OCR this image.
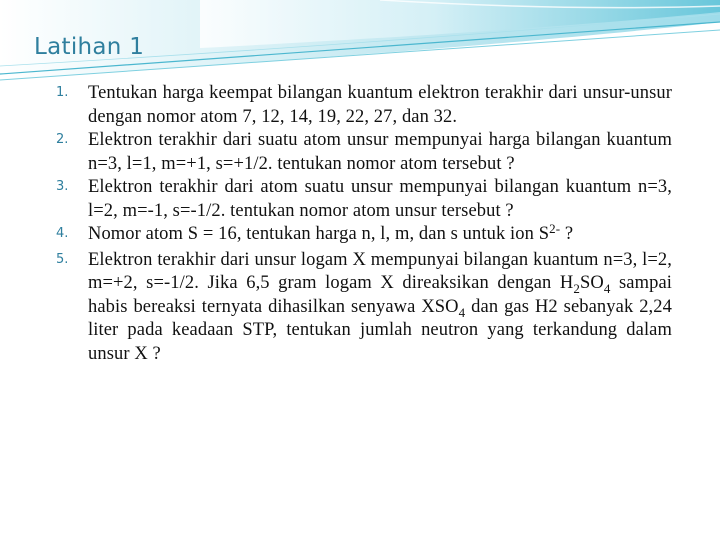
Latihan 1
1. Tentukan harga keempat bilangan kuantum elektron terakhir dari unsur-unsur dengan nomor atom 7, 12, 14, 19, 22, 27, dan 32.
2. Elektron terakhir dari suatu atom unsur mempunyai harga bilangan kuantum n=3, l=1, m=+1, s=+1/2. tentukan nomor atom tersebut ?
3. Elektron terakhir dari atom suatu unsur mempunyai bilangan kuantum n=3, l=2, m=-1, s=-1/2. tentukan nomor atom unsur tersebut ?
4. Nomor atom S = 16, tentukan harga n, l, m, dan s untuk ion $S^{2-}$ ?
5. Elektron terakhir dari unsur logam X mempunyai bilangan kuantum n=3, l=2, m=+2, s=-1/2. Jika 6,5 gram logam X direaksikan dengan $H_2SO_4$ sampai habis bereaksi ternyata dihasilkan senyawa $XSO_4$ dan gas H2 sebanyak 2,24 liter pada keadaan STP, tentukan jumlah neutron yang terkandung dalam unsur X ?
